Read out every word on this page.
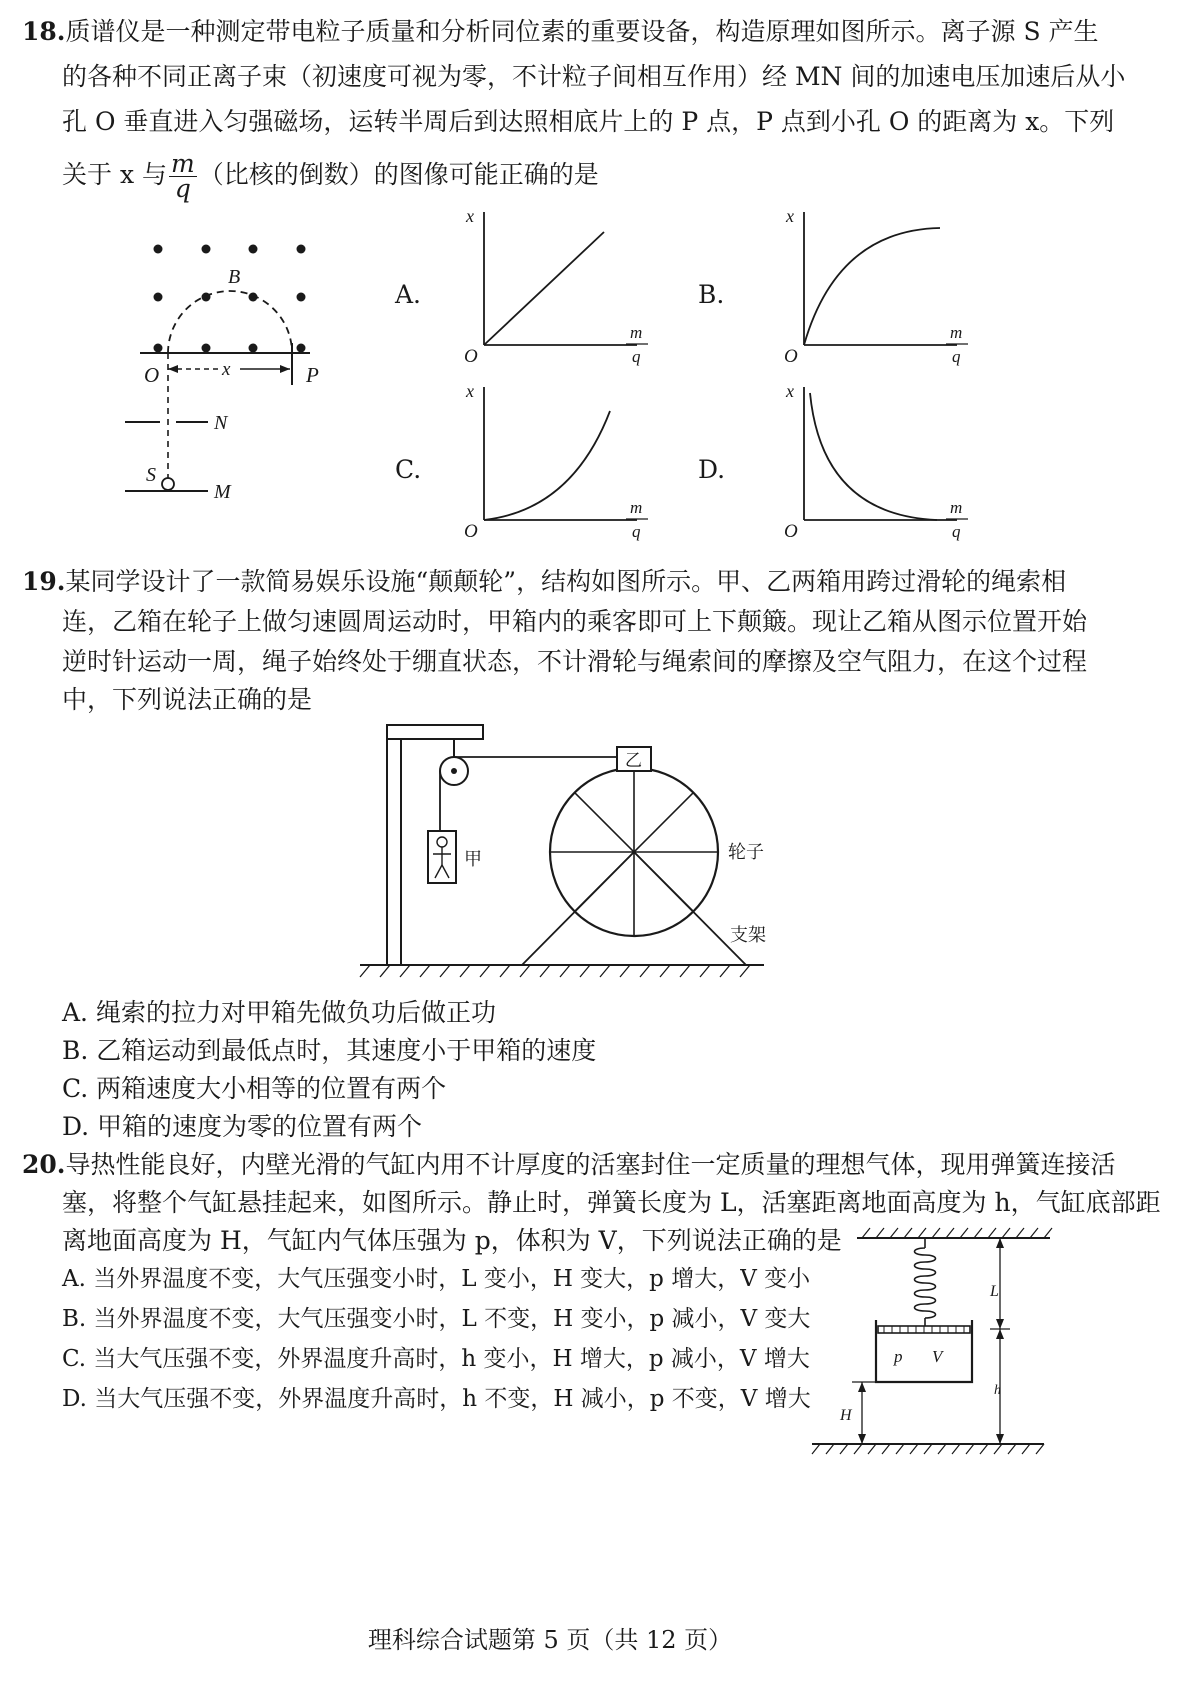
18.质谱仪是一种测定带电粒子质量和分析同位素的重要设备，构造原理如图所示。离子源 S 产生
的各种不同正离子束（初速度可视为零，不计粒子间相互作用）经 MN 间的加速电压加速后从小
孔 O 垂直进入匀强磁场，运转半周后到达照相底片上的 P 点，P 点到小孔 O 的距离为 x。下列
关于 x 与 $\frac{m}{q}$ （比核的倒数）的图像可能正确的是
B
O	x	P
N
S
M
A.	B.
C.	D.
x
O
m
q
x
O
m
q
x
O
m
q
x
O
m
q
19.某同学设计了一款简易娱乐设施“颠颠轮”，结构如图所示。甲、乙两箱用跨过滑轮的绳索相
连，乙箱在轮子上做匀速圆周运动时，甲箱内的乘客即可上下颠簸。现让乙箱从图示位置开始
逆时针运动一周，绳子始终处于绷直状态，不计滑轮与绳索间的摩擦及空气阻力，在这个过程
中，下列说法正确的是
甲
乙
轮子
支架
A. 绳索的拉力对甲箱先做负功后做正功
B. 乙箱运动到最低点时，其速度小于甲箱的速度
C. 两箱速度大小相等的位置有两个
D. 甲箱的速度为零的位置有两个
20.导热性能良好，内壁光滑的气缸内用不计厚度的活塞封住一定质量的理想气体，现用弹簧连接活
塞，将整个气缸悬挂起来，如图所示。静止时，弹簧长度为 L，活塞距离地面高度为 h，气缸底部距
离地面高度为 H，气缸内气体压强为 p，体积为 V，下列说法正确的是
A. 当外界温度不变，大气压强变小时，L 变小，H 变大，p 增大，V 变小
B. 当外界温度不变，大气压强变小时，L 不变，H 变小，p 减小，V 变大
C. 当大气压强不变，外界温度升高时，h 变小，H 增大，p 减小，V 增大
D. 当大气压强不变，外界温度升高时，h 不变，H 减小，p 不变，V 增大
p V
L
h
H
理科综合试题第 5 页（共 12 页）
